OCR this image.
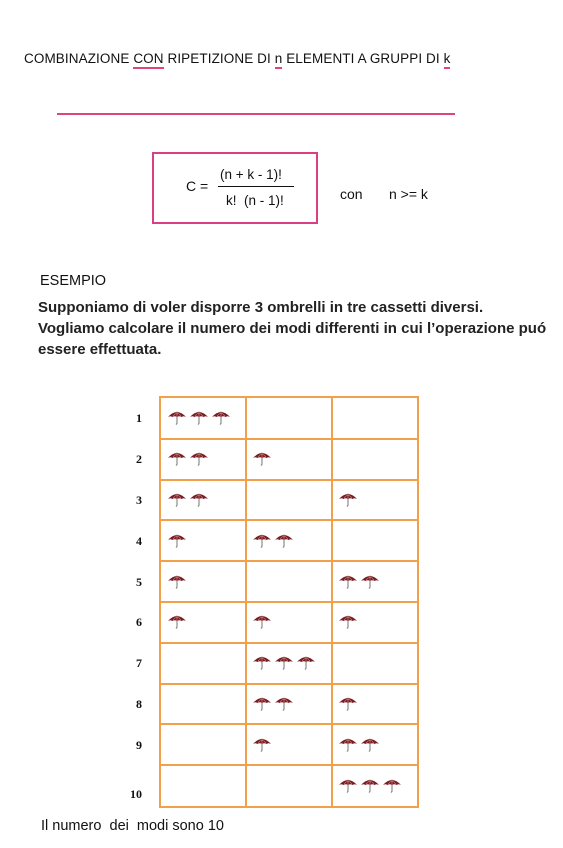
COMBINAZIONE CON RIPETIZIONE DI n ELEMENTI A GRUPPI DI k
C =
(n + k - 1)!
k!  (n - 1)!	con n >= k
ESEMPIO
Supponiamo di voler disporre 3 ombrelli in tre cassetti diversi. Vogliamo calcolare il numero dei modi differenti in cui l’operazione puó essere effettuata.
1
2
3
4
5
6
7
8
9
10
Il numero  dei  modi sono 10
